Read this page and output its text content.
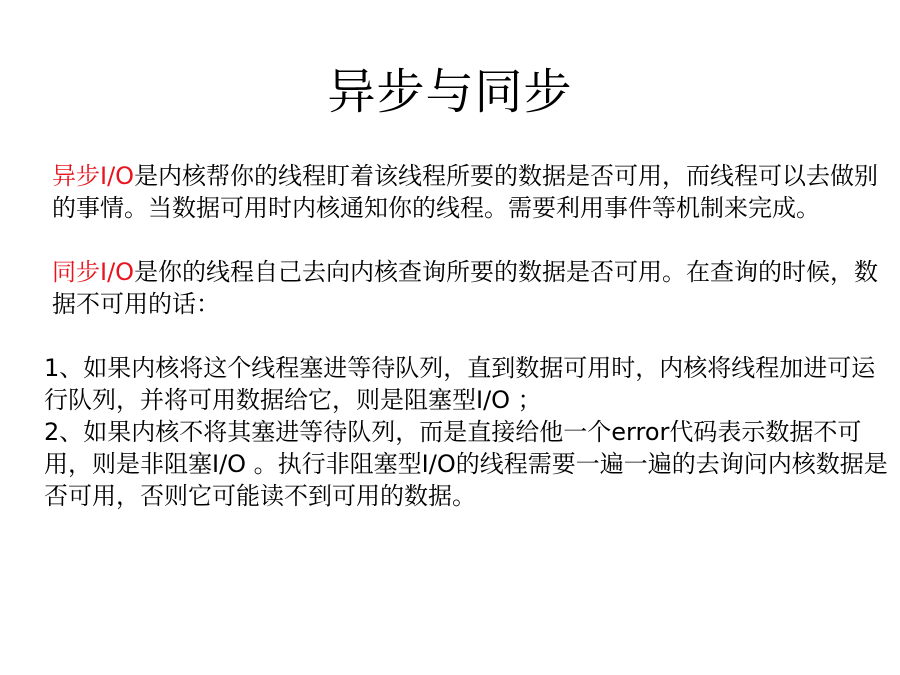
异步与同步

异步I/O是内核帮你的线程盯着该线程所要的数据是否可用，而线程可以去做别的事情。当数据可用时内核通知你的线程。需要利用事件等机制来完成。

同步I/O是你的线程自己去向内核查询所要的数据是否可用。在查询的时候，数据不可用的话：

1、如果内核将这个线程塞进等待队列，直到数据可用时，内核将线程加进可运行队列，并将可用数据给它，则是阻塞型I/O ；

2、如果内核不将其塞进等待队列，而是直接给他一个error代码表示数据不可用，则是非阻塞I/O 。执行非阻塞型I/O的线程需要一遍一遍的去询问内核数据是否可用，否则它可能读不到可用的数据。
